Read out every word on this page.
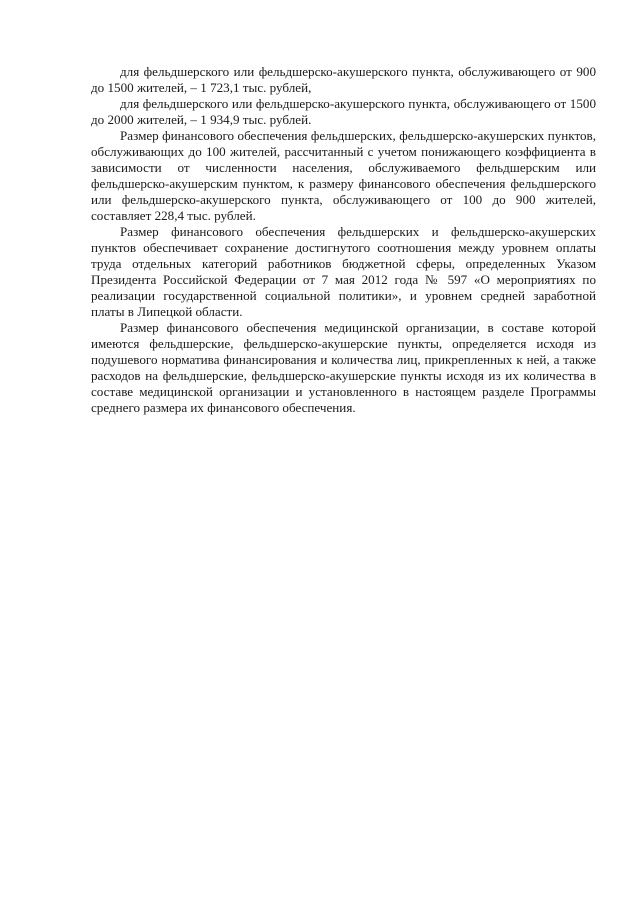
для фельдшерского или фельдшерско-акушерского пункта, обслуживающего от 900 до 1500 жителей, – 1 723,1 тыс. рублей,

для фельдшерского или фельдшерско-акушерского пункта, обслуживающего от 1500 до 2000 жителей, – 1 934,9 тыс. рублей.

Размер финансового обеспечения фельдшерских, фельдшерско-акушерских пунктов, обслуживающих до 100 жителей, рассчитанный с учетом понижающего коэффициента в зависимости от численности населения, обслуживаемого фельдшерским или фельдшерско-акушерским пунктом, к размеру финансового обеспечения фельдшерского или фельдшерско-акушерского пункта, обслуживающего от 100 до 900 жителей, составляет 228,4 тыс. рублей.

Размер финансового обеспечения фельдшерских и фельдшерско-акушерских пунктов обеспечивает сохранение достигнутого соотношения между уровнем оплаты труда отдельных категорий работников бюджетной сферы, определенных Указом Президента Российской Федерации от 7 мая 2012 года № 597 «О мероприятиях по реализации государственной социальной политики», и уровнем средней заработной платы в Липецкой области.

Размер финансового обеспечения медицинской организации, в составе которой имеются фельдшерские, фельдшерско-акушерские пункты, определяется исходя из подушевого норматива финансирования и количества лиц, прикрепленных к ней, а также расходов на фельдшерские, фельдшерско-акушерские пункты исходя из их количества в составе медицинской организации и установленного в настоящем разделе Программы среднего размера их финансового обеспечения.
